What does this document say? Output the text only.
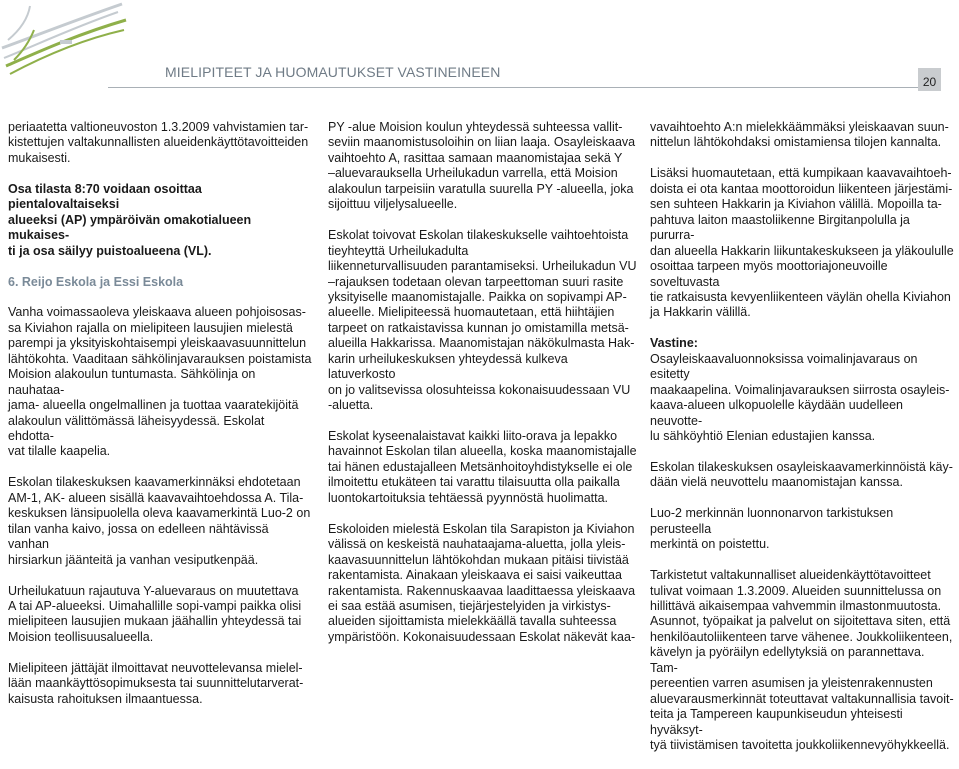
MIELIPITEET JA HUOMAUTUKSET VASTINEINEEN
20

periaatetta valtioneuvoston 1.3.2009 vahvistamien tar-
kistettujen valtakunnallisten alueidenkäyttötavoitteiden
mukaisesti.

Osa tilasta 8:70 voidaan osoittaa pientalovaltaiseksi
alueeksi (AP) ympäröivän omakotialueen mukaises-
ti ja osa säilyy puistoalueena (VL).

6. Reijo Eskola ja Essi Eskola

Vanha voimassaoleva yleiskaava alueen pohjoisosas-
sa Kiviahon rajalla on mielipiteen lausujien mielestä
parempi ja yksityiskohtaisempi yleiskaavasuunnittelun
lähtökohta. Vaaditaan sähkölinjavarauksen poistamista
Moision alakoulun tuntumasta. Sähkölinja on nauhataa-
jama- alueella ongelmallinen ja tuottaa vaaratekijöitä
alakoulun välittömässä läheisyydessä. Eskolat ehdotta-
vat tilalle kaapelia.

Eskolan tilakeskuksen kaavamerkinnäksi ehdotetaan
AM-1, AK- alueen sisällä kaavavaihtoehdossa A. Tila-
keskuksen länsipuolella oleva kaavamerkintä Luo-2 on
tilan vanha kaivo, jossa on edelleen nähtävissä vanhan
hirsiarkun jäänteitä ja vanhan vesiputkenpää.

Urheilukatuun rajautuva Y-aluevaraus on muutettava
A tai AP-alueeksi. Uimahallille sopi-vampi paikka olisi
mielipiteen lausujien mukaan jäähallin yhteydessä tai
Moision teollisuusalueella.

Mielipiteen jättäjät ilmoittavat neuvottelevansa mielel-
lään maankäyttösopimuksesta tai suunnittelutarverat-
kaisusta rahoituksen ilmaantuessa.

PY -alue Moision koulun yhteydessä suhteessa vallit-
seviin maanomistusoloihin on liian laaja. Osayleiskaava
vaihtoehto A, rasittaa samaan maanomistajaa sekä Y
–aluevarauksella Urheilukadun varrella, että Moision
alakoulun tarpeisiin varatulla suurella PY -alueella, joka
sijoittuu viljelysalueelle.

Eskolat toivovat Eskolan tilakeskukselle vaihtoehtoista
tieyhteyttä Urheilukadulta
liikenneturvallisuuden parantamiseksi. Urheilukadun VU
–rajauksen todetaan olevan tarpeettoman suuri rasite
yksityiselle maanomistajalle. Paikka on sopivampi AP-
alueelle. Mielipiteessä huomautetaan, että hiihtäjien
tarpeet on ratkaistavissa kunnan jo omistamilla metsä-
alueilla Hakkarissa. Maanomistajan näkökulmasta Hak-
karin urheilukeskuksen yhteydessä kulkeva latuverkosto
on jo valitsevissa olosuhteissa kokonaisuudessaan VU
-aluetta.

Eskolat kyseenalaistavat kaikki liito-orava ja lepakko
havainnot Eskolan tilan alueella, koska maanomistajalle
tai hänen edustajalleen Metsänhoitoyhdistykselle ei ole
ilmoitettu etukäteen tai varattu tilaisuutta olla paikalla
luontokartoituksia tehtäessä pyynnöstä huolimatta.

Eskoloiden mielestä Eskolan tila Sarapiston ja Kiviahon
välissä on keskeistä nauhataajama-aluetta, jolla yleis-
kaavasuunnittelun lähtökohdan mukaan pitäisi tiivistää
rakentamista. Ainakaan yleiskaava ei saisi vaikeuttaa
rakentamista. Rakennuskaavaa laadittaessa yleiskaava
ei saa estää asumisen, tiejärjestelyiden ja virkistys-
alueiden sijoittamista mielekkäällä tavalla suhteessa
ympäristöön. Kokonaisuudessaan Eskolat näkevät kaa-

vavaihtoehto A:n mielekkäämmäksi yleiskaavan suun-
nittelun lähtökohdaksi omistamiensa tilojen kannalta.

Lisäksi huomautetaan, että kumpikaan kaavavaihtoeh-
doista ei ota kantaa moottoroidun liikenteen järjestämi-
sen suhteen Hakkarin ja Kiviahon välillä. Mopoilla ta-
pahtuva laiton maastoliikenne Birgitanpolulla ja pururra-
dan alueella Hakkarin liikuntakeskukseen ja yläkoululle
osoittaa tarpeen myös moottoriajoneuvoille soveltuvasta
tie ratkaisusta kevyenliikenteen väylän ohella Kiviahon
ja Hakkarin välillä.

Vastine:

Osayleiskaavaluonnoksissa voimalinjavaraus on esitetty
maakaapelina. Voimalinjavarauksen siirrosta osayleis-
kaava-alueen ulkopuolelle käydään uudelleen neuvotte-
lu sähköyhtiö Elenian edustajien kanssa.

Eskolan tilakeskuksen osayleiskaavamerkinnöistä käy-
dään vielä neuvottelu maanomistajan kanssa.

Luo-2 merkinnän luonnonarvon tarkistuksen perusteella
merkintä on poistettu.

Tarkistetut valtakunnalliset alueidenkäyttötavoitteet
tulivat voimaan 1.3.2009. Alueiden suunnittelussa on
hillittävä aikaisempaa vahvemmin ilmastonmuutosta.
Asunnot, työpaikat ja palvelut on sijoitettava siten, että
henkilöautoliikenteen tarve vähenee. Joukkoliikenteen,
kävelyn ja pyöräilyn edellytyksiä on parannettava. Tam-
pereentien varren asumisen ja yleistenrakennusten
aluevarausmerkinnät toteuttavat valtakunnallisia tavoit-
teita ja Tampereen kaupunkiseudun yhteisesti hyväksyt-
tyä tiivistämisen tavoitetta joukkoliikennevyöhykkeellä.
